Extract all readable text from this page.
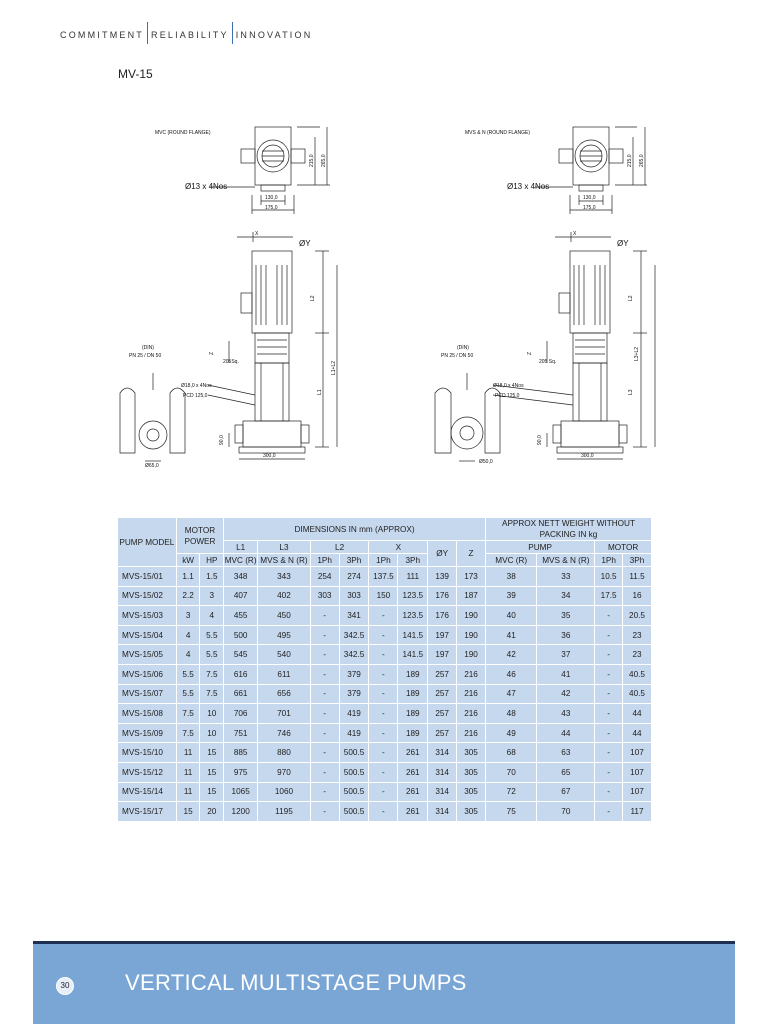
COMMITMENT RELIABILITY INNOVATION
MV-15
MVC (ROUND FLANGE)
Ø13 x 4Nos
130,0
175,0
215,0 265,0
X
ØY
L2
L1
L1+L2
Z
(DIN)
PN 25 / DN 50
205Sq.
Ø18,0 x 4Nos
PCD 125,0
90,0
300,0
Ø65,0
MVS & N (ROUND FLANGE)
Ø13 x 4Nos
130,0
175,0
215,0 265,0
X
ØY
L2
L3
L3+L2
Z
(DIN)
PN 25 / DN 50
205 Sq.
Ø18,0 x 4Nos
PCD 125,0
90,0
300,0
Ø50,0
PUMP MODEL	MOTOR POWER		DIMENSIONS IN mm (APPROX)								APPROX NETT WEIGHT WITHOUT PACKING IN kg			
			L1	L3	L2		X		ØY	Z	PUMP		MOTOR	
	kW	HP	MVC (R)	MVS & N (R)	1Ph	3Ph	1Ph	3Ph			MVC (R)	MVS & N (R)	1Ph	3Ph
MVS-15/01	1.1	1.5	348	343	254	274	137.5	111	139	173	38	33	10.5	11.5
MVS-15/02	2.2	3	407	402	303	303	150	123.5	176	187	39	34	17.5	16
MVS-15/03	3	4	455	450	-	341	-	123.5	176	190	40	35	-	20.5
MVS-15/04	4	5.5	500	495	-	342.5	-	141.5	197	190	41	36	-	23
MVS-15/05	4	5.5	545	540	-	342.5	-	141.5	197	190	42	37	-	23
MVS-15/06	5.5	7.5	616	611	-	379	-	189	257	216	46	41	-	40.5
MVS-15/07	5.5	7.5	661	656	-	379	-	189	257	216	47	42	-	40.5
MVS-15/08	7.5	10	706	701	-	419	-	189	257	216	48	43	-	44
MVS-15/09	7.5	10	751	746	-	419	-	189	257	216	49	44	-	44
MVS-15/10	11	15	885	880	-	500.5	-	261	314	305	68	63	-	107
MVS-15/12	11	15	975	970	-	500.5	-	261	314	305	70	65	-	107
MVS-15/14	11	15	1065	1060	-	500.5	-	261	314	305	72	67	-	107
MVS-15/17	15	20	1200	1195	-	500.5	-	261	314	305	75	70	-	117
30	VERTICAL MULTISTAGE PUMPS
